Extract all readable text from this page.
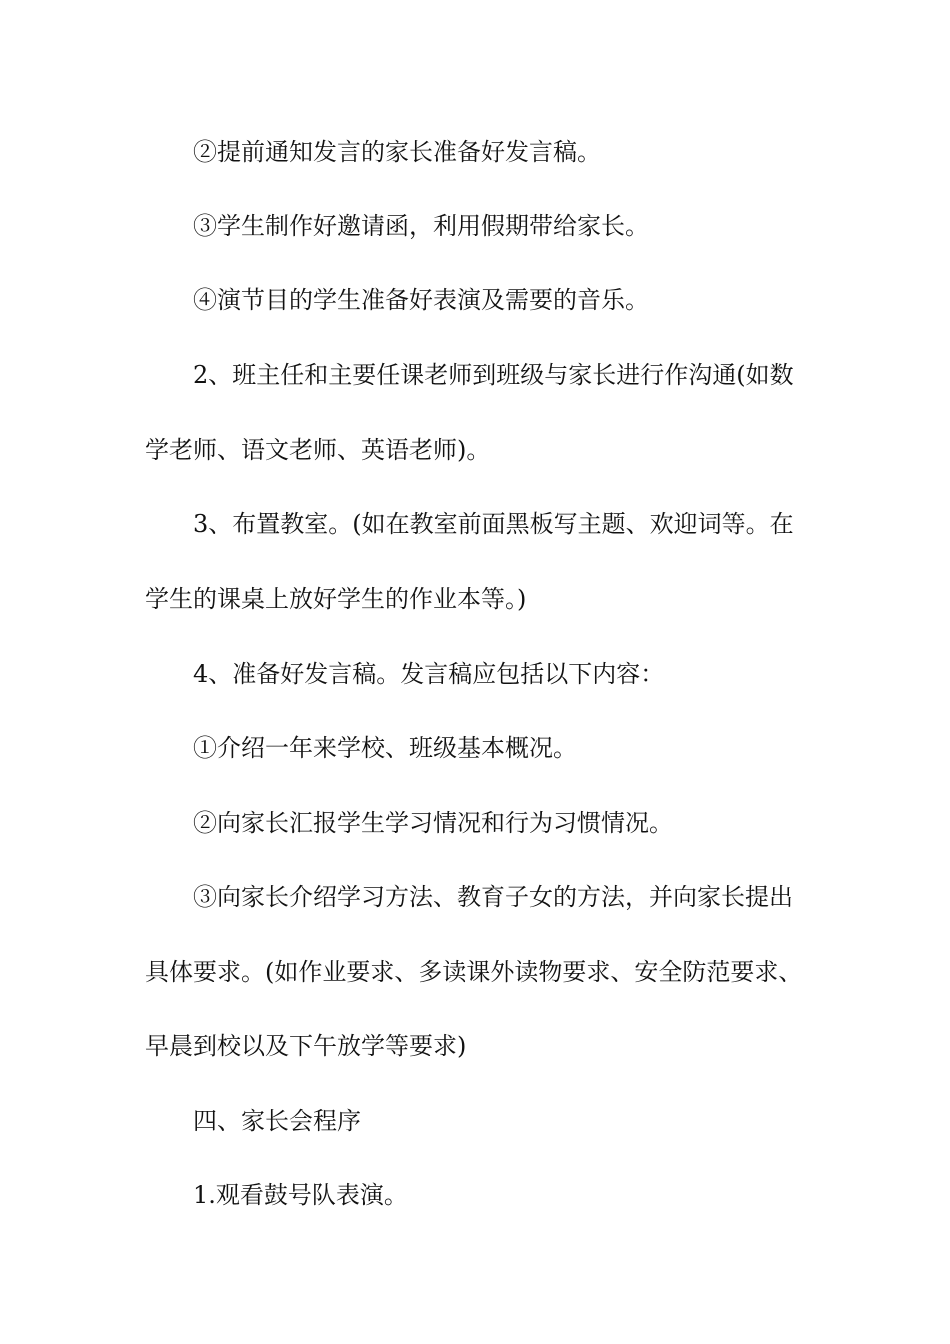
②提前通知发言的家长准备好发言稿。
③学生制作好邀请函，利用假期带给家长。
④演节目的学生准备好表演及需要的音乐。
2、班主任和主要任课老师到班级与家长进行作沟通(如数
学老师、语文老师、英语老师)。
3、布置教室。(如在教室前面黑板写主题、欢迎词等。在
学生的课桌上放好学生的作业本等。)
4、准备好发言稿。发言稿应包括以下内容：
①介绍一年来学校、班级基本概况。
②向家长汇报学生学习情况和行为习惯情况。
③向家长介绍学习方法、教育子女的方法，并向家长提出
具体要求。(如作业要求、多读课外读物要求、安全防范要求、
早晨到校以及下午放学等要求)
四、家长会程序
1.观看鼓号队表演。
